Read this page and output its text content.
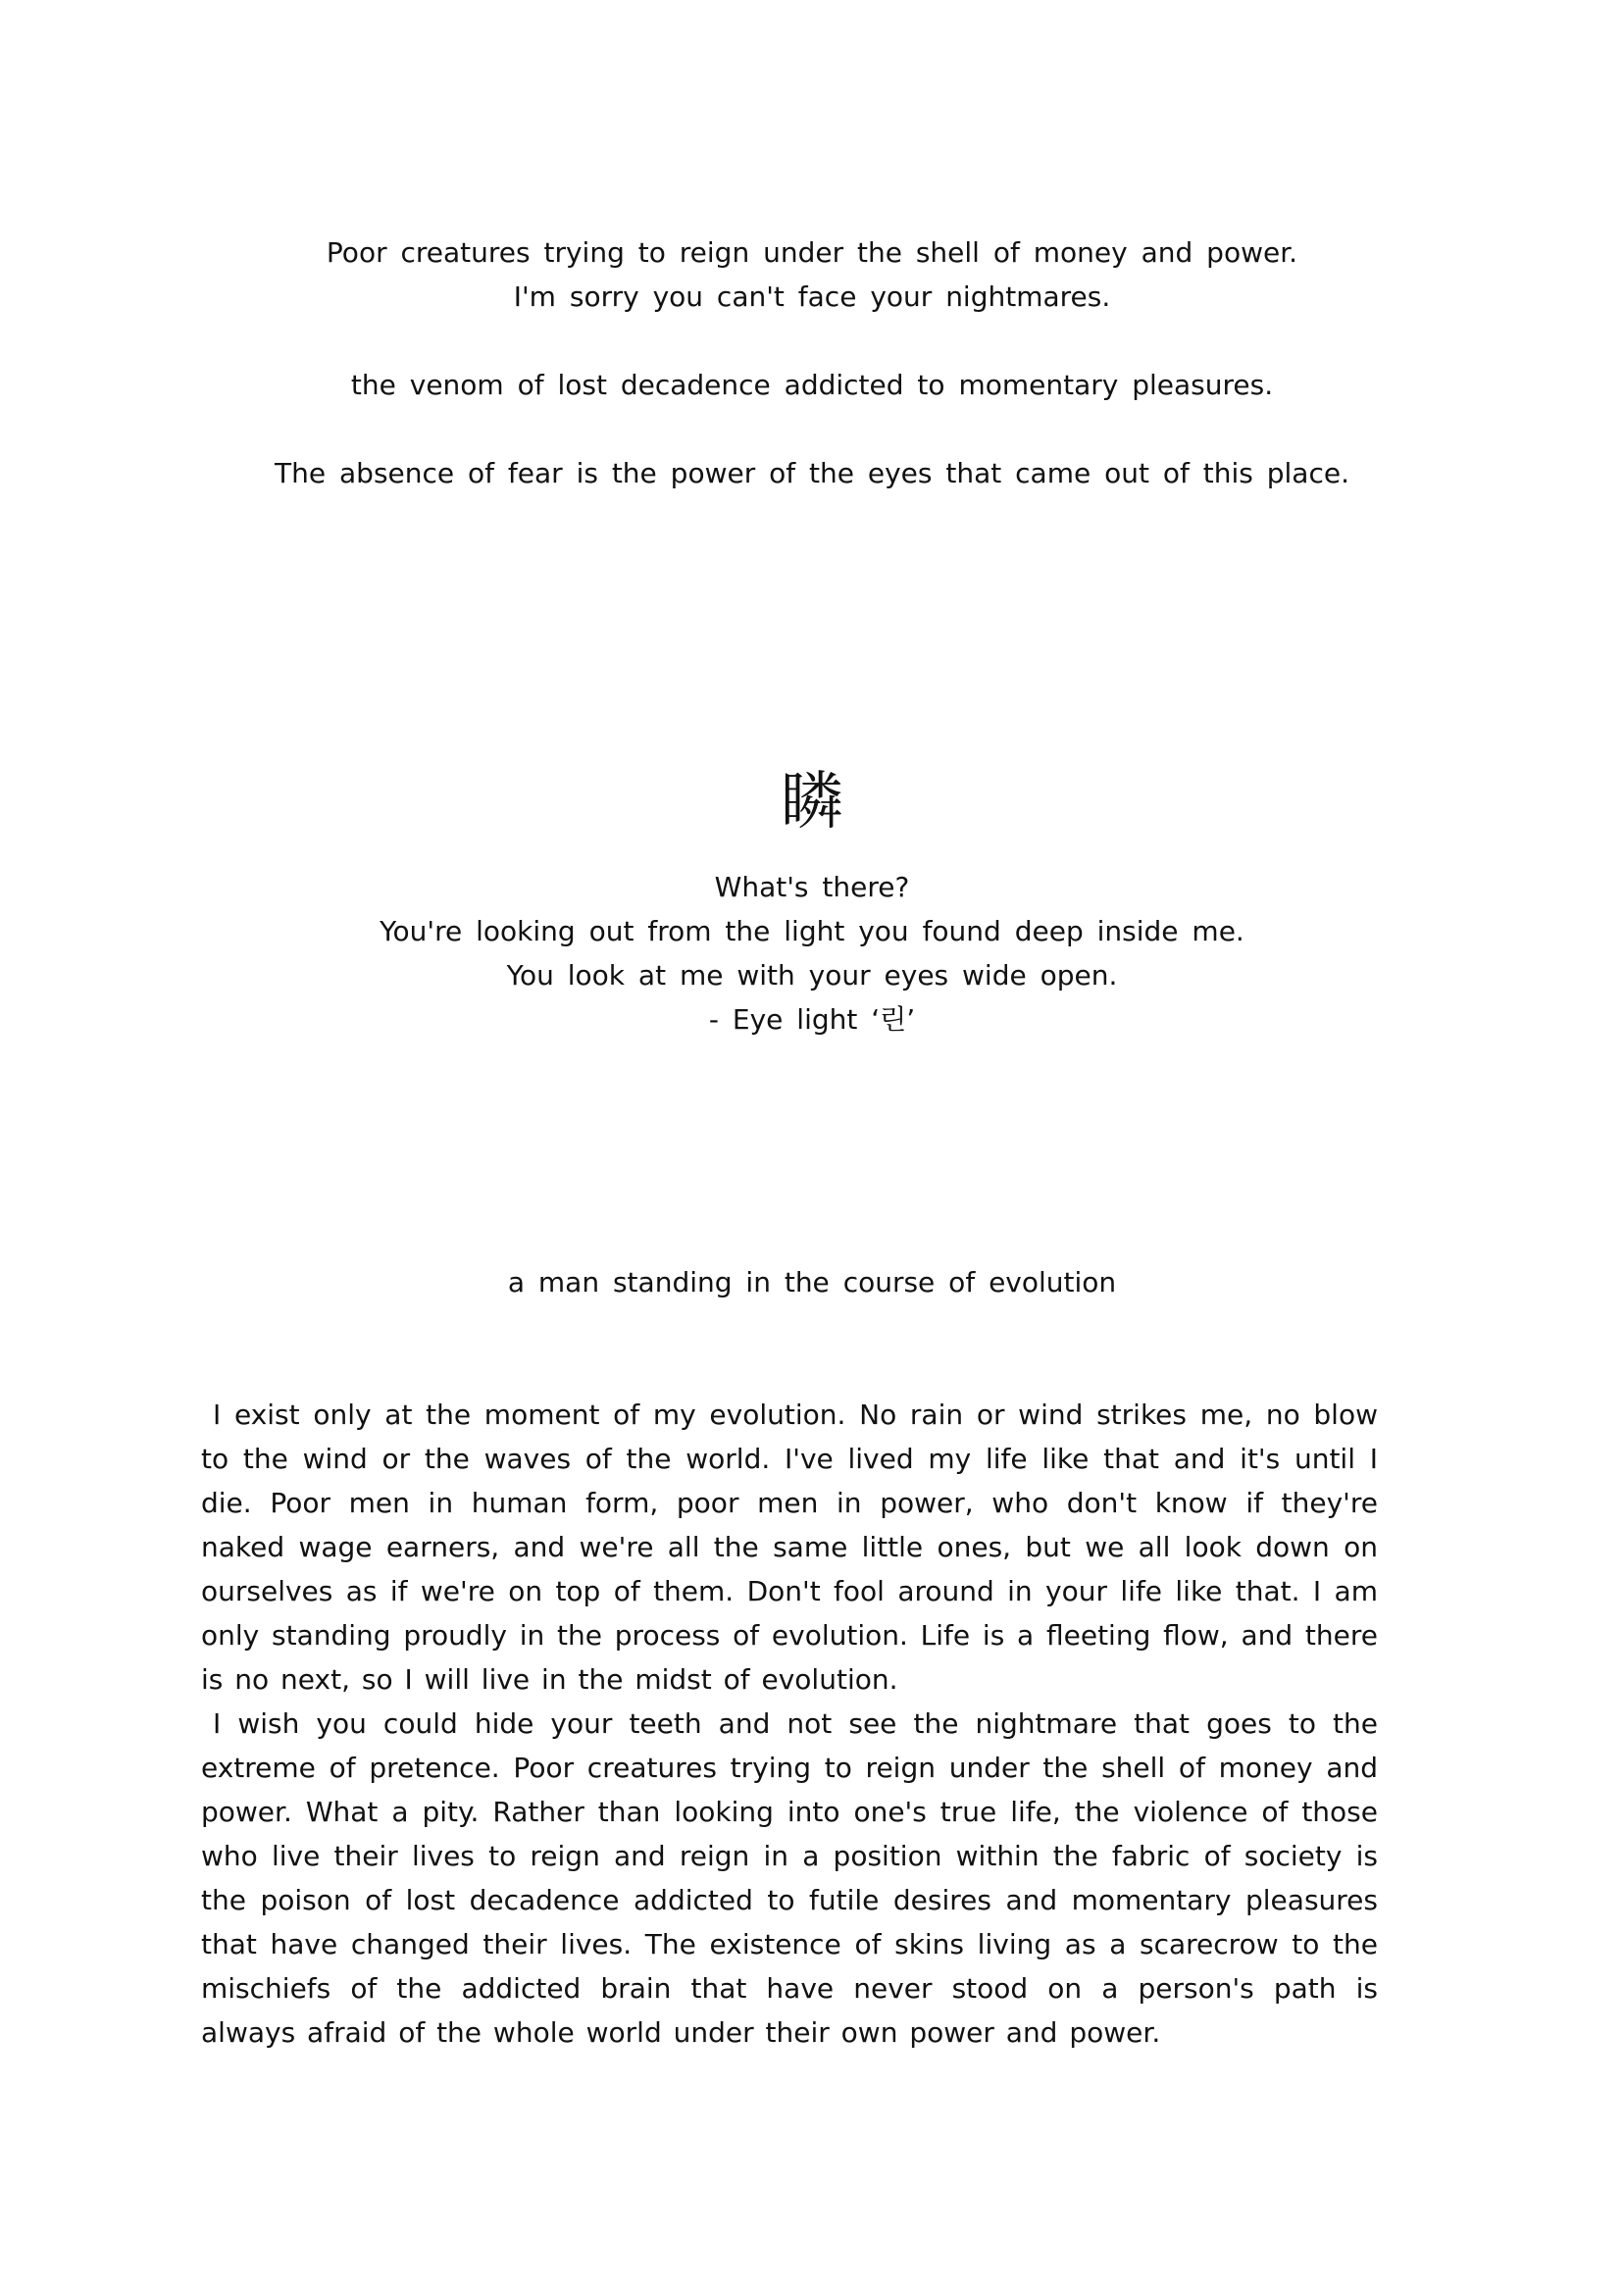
Poor creatures trying to reign under the shell of money and power.
I'm sorry you can't face your nightmares.
the venom of lost decadence addicted to momentary pleasures.
The absence of fear is the power of the eyes that came out of this place.
瞵
What's there?
You're looking out from the light you found deep inside me.
You look at me with your eyes wide open.
- Eye light ‘린’
a man standing in the course of evolution

I exist only at the moment of my evolution. No rain or wind strikes me, no blow to the wind or the waves of the world. I've lived my life like that and it's until I die. Poor men in human form, poor men in power, who don't know if they're naked wage earners, and we're all the same little ones, but we all look down on ourselves as if we're on top of them. Don't fool around in your life like that. I am only standing proudly in the process of evolution. Life is a fleeting flow, and there is no next, so I will live in the midst of evolution.

I wish you could hide your teeth and not see the nightmare that goes to the extreme of pretence. Poor creatures trying to reign under the shell of money and power. What a pity. Rather than looking into one's true life, the violence of those who live their lives to reign and reign in a position within the fabric of society is the poison of lost decadence addicted to futile desires and momentary pleasures that have changed their lives. The existence of skins living as a scarecrow to the mischiefs of the addicted brain that have never stood on a person's path is always afraid of the whole world under their own power and power.
